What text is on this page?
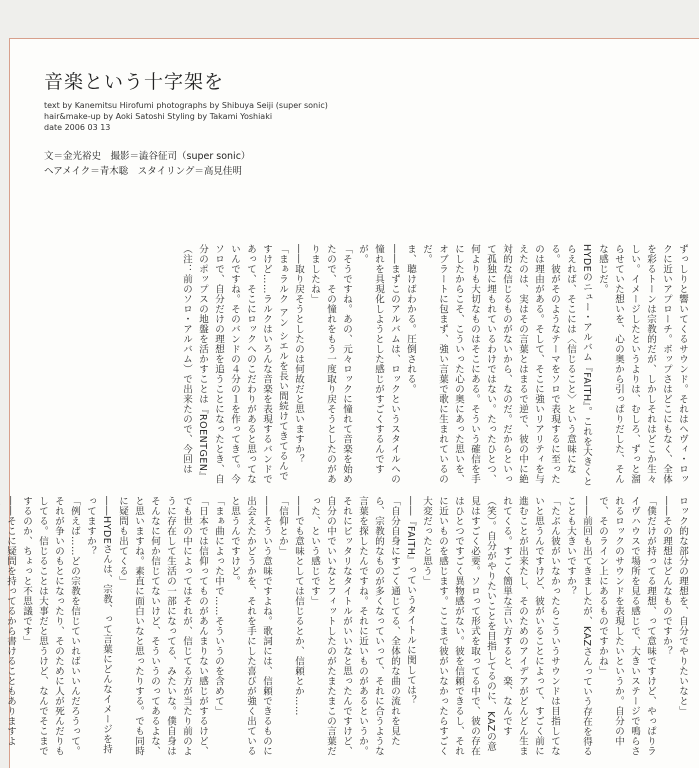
音楽という十字架を
text by Kanemitsu Hirofumi photographs by Shibuya Seiji (super sonic)
hair&make-up by Aoki Satoshi Styling by Takami Yoshiaki
date 2006 03 13
文＝金光裕史　撮影＝澁谷征司（super sonic）
ヘアメイク＝青木聡　スタイリング＝高見佳明

ずっしりと響いてくるサウンド。それはヘヴィ・ロックに近いアプローチ。ボップさはどこにもなく、全体を彩るトーンは宗教的だが、しかしそれはどこか生々しい。イメージしたというよりは、むしろ、ずっと溜らせていた想いを、心の奥から引っぱりだした、そんな感じだ。

HYDEのニュー・アルバム『FAITH』。これを大きくとらえれば、そこには〈信じること〉という意味になる。彼がそのようなテーマをソロで表現するに至ったのは理由がある。そして、そこに強いリアリティを与えたのは、実はその言葉とはまるで逆で、彼の中に絶対的な信じるものがないから、なのだ。だからといって孤独に埋もれているわけではない。たったひとつ、何よりも大切なものはそこにある。そういう確信を手にしたからこそ、こういった心の奥にあった思いを、オブラートに包まず、強い言葉で歌に生まれているのだ。

ま、聴けばわかる。圧倒される。

――まずこのアルバムは、ロックというスタイルへの憧れを具現化しようとした感じがすごくするんですが。

「そうですね。あの、元々ロックに憧れて音楽を始めたので、その憧れをもう一度取り戻そうとしたのがありましたね」

――取り戻そうとしたのは何故だと思いますか？

「まぁラルク アン シエルを長い間続けてきてるんですけど……ラルクはいろんな音楽を表現するバンドであって、そこにロックへのこだわりがあると思ってないんですね。そのバンドの４分の１を作ってきて。今ソロで、自分だけの理想を追うことになったとき、自分のポップスの地盤を活かすことは『ROENTGEN』（注：前のソロ・アルバム）で出来たので、今回は

ロック的な部分の理想を、自分でやりたいなと」

――その理想はどんなものですか？

「僕だけが持ってる理想、って意味ですけど、やっぱりライヴハウスで場所を見る感じで、大きいステージで鳴らされるロックのサウンドを表現したいというか。自分の中で、そのライン上にあるものですかね」

――前回も出てきましたが、KAZさんっていう存在を得ることも大きいですか？

「たぶん彼がいなかったらこういうサウンドは目指してないと思うんですけど、彼がいることによって、すごく前に進むことが出来たし、そのためのアイデアがどんどん生まれてくる。すごく簡単な言い方すると、楽、なんです（笑）。自分がやりたいことを目指してるのに、KAZの意見はすごく必要。ソロって形式を取ってる中で、彼の存在はひとつですごく異物感がない。彼を信頼できるし、それに近いものを感じます。ここまで彼がいなかったらすごく大変だったと思う」

――『FAITH』っていうタイトルに関しては？

「自分自身にすごく通じてる、全体的な曲の流れを見たら、宗教的なものが多くなっていって、それに合うような言葉を探したんですね。それに近いものがあるというか。それにピッタリなタイトルがいいなと思ったんですけど、自分の中でいいなとフィットしたのがたまたまこの言葉だった、という感じです」

――でも意味としては信じるとか、信頼とか……

「信仰とか」

――そういう意味ですよね。歌詞には、信頼できるものに出会えたかどうかを、それを手にした喜びが強く出ていると思うんですけど。

「まぁ曲によった中で……そういうのを含めて」

「日本では信仰ってものがあんまりない感じがするけど、でも世の中によってはそれが、信じてる方が当たり前のように存在して生活の一部になってる、みたいな。僕自身はそんなに何か信じてないけど、そういうのってあるよな、と思いますね。素直に面白いなと思ったりする。でも同時に疑問も出てくる」

――HYDEさんは、宗教、って言葉にどんなイメージを持ってますか？

「例えば……どの宗教を信じていればいいんだろうって。それが争いのもとになったり、そのために人が死んだりもしてる。信じることは大事だと思うけど、なんでそこまでするのか、ちょっと不思議です」

――そこに疑問を持ってるから書けることもありますよ
